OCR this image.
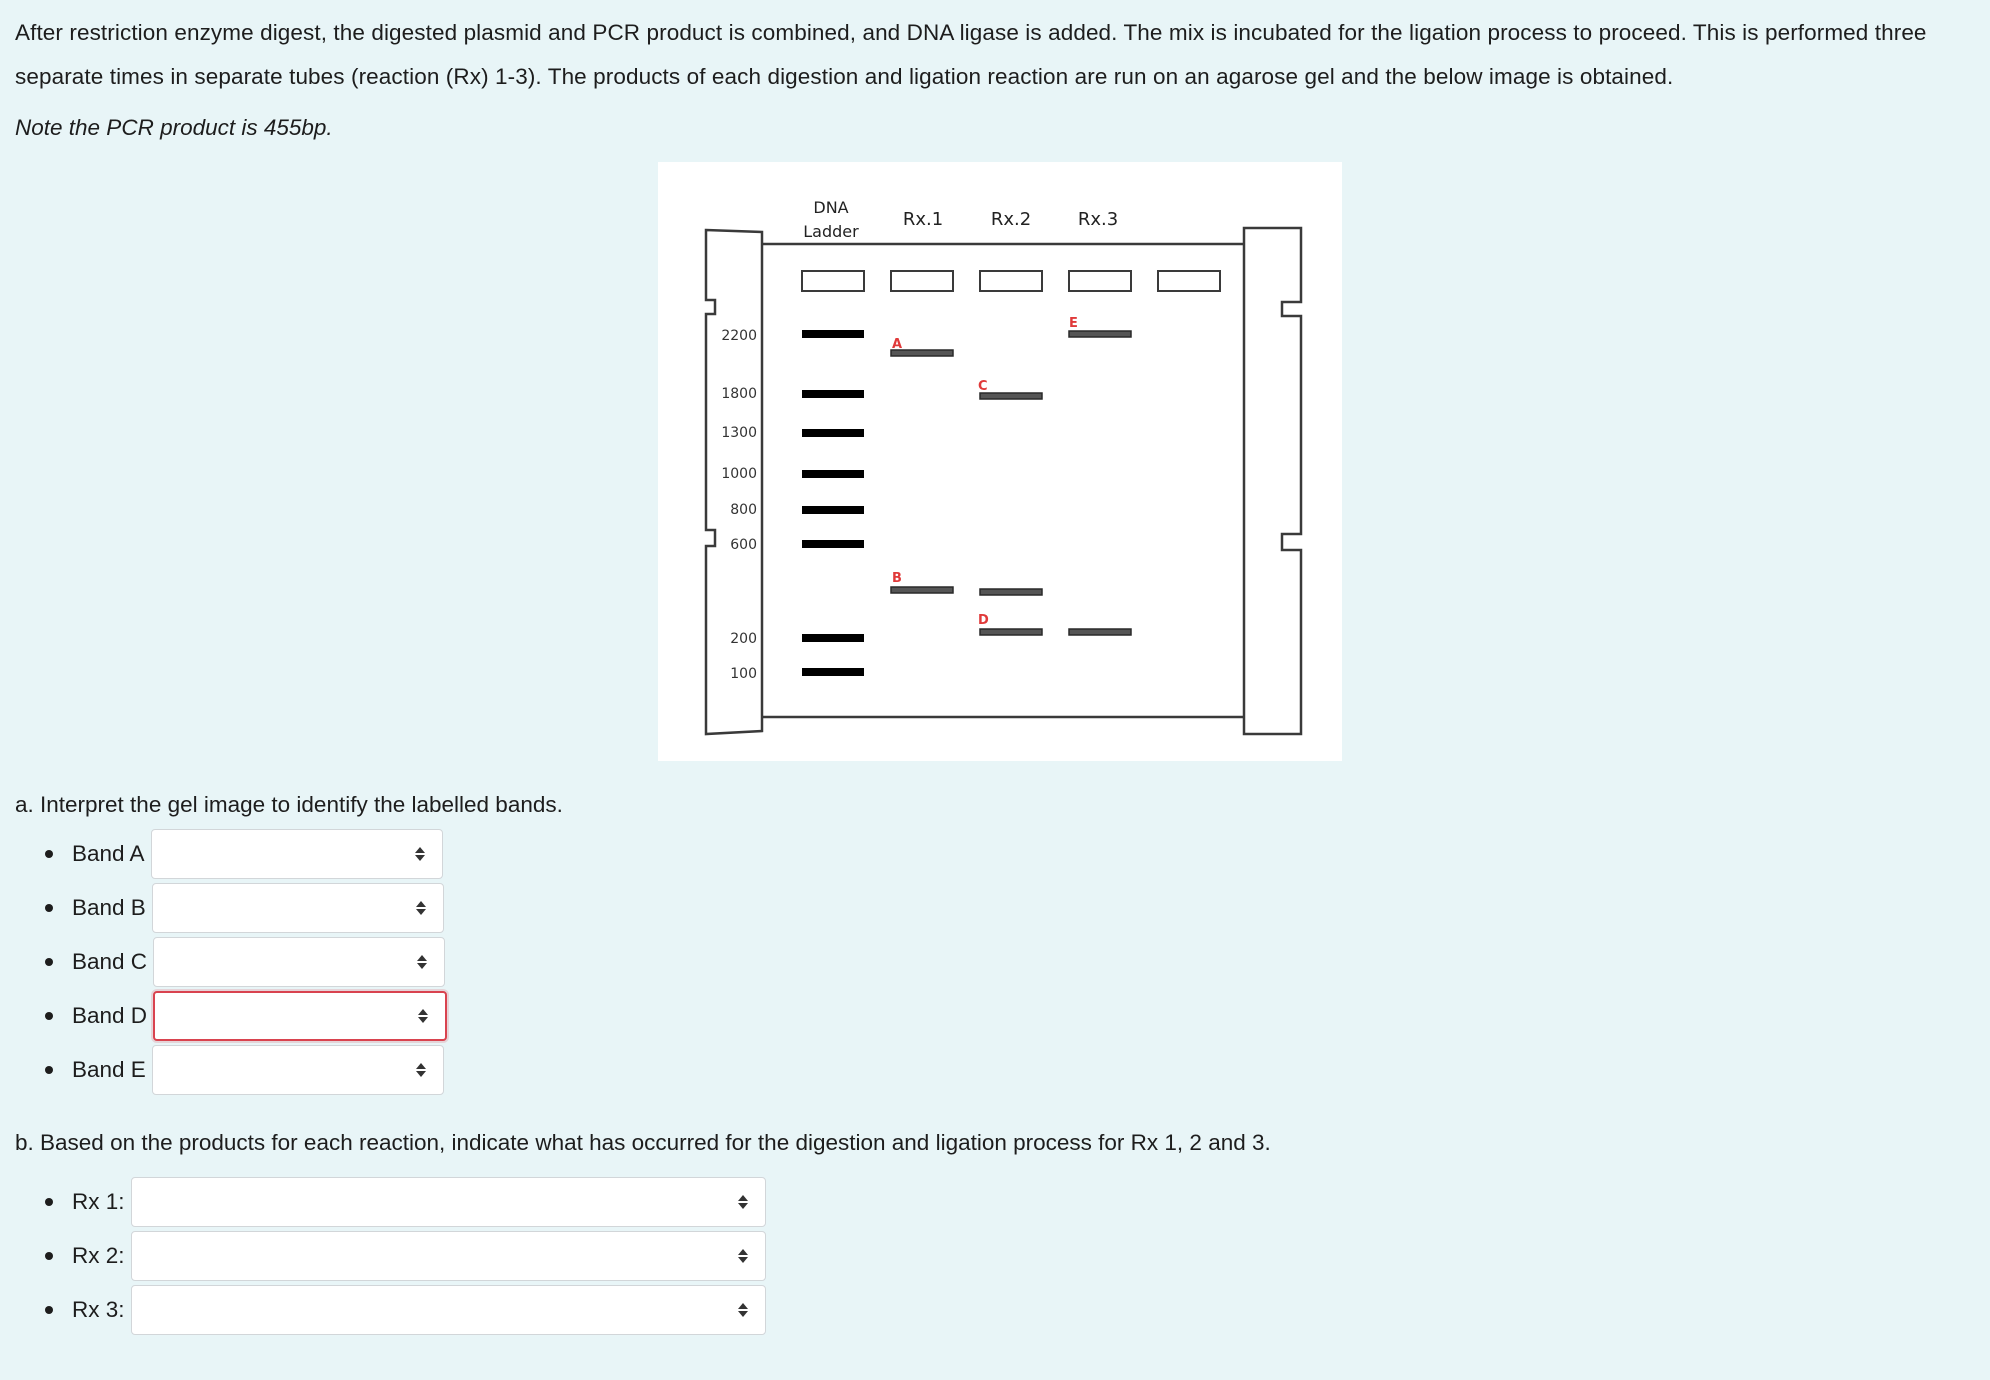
After restriction enzyme digest, the digested plasmid and PCR product is combined, and DNA ligase is added. The mix is incubated for the ligation process to proceed. This is performed three separate times in separate tubes (reaction (Rx) 1-3). The products of each digestion and ligation reaction are run on an agarose gel and the below image is obtained.

Note the PCR product is 455bp.

DNA
Ladder
Rx.1	Rx.2	Rx.3
2200
1800
1300
1000
800
600
200
100
A
B
C
D
E

a. Interpret the gel image to identify the labelled bands.

Band A
Band B
Band C
Band D
Band E

b. Based on the products for each reaction, indicate what has occurred for the digestion and ligation process for Rx 1, 2 and 3.

Rx 1:
Rx 2:
Rx 3:
